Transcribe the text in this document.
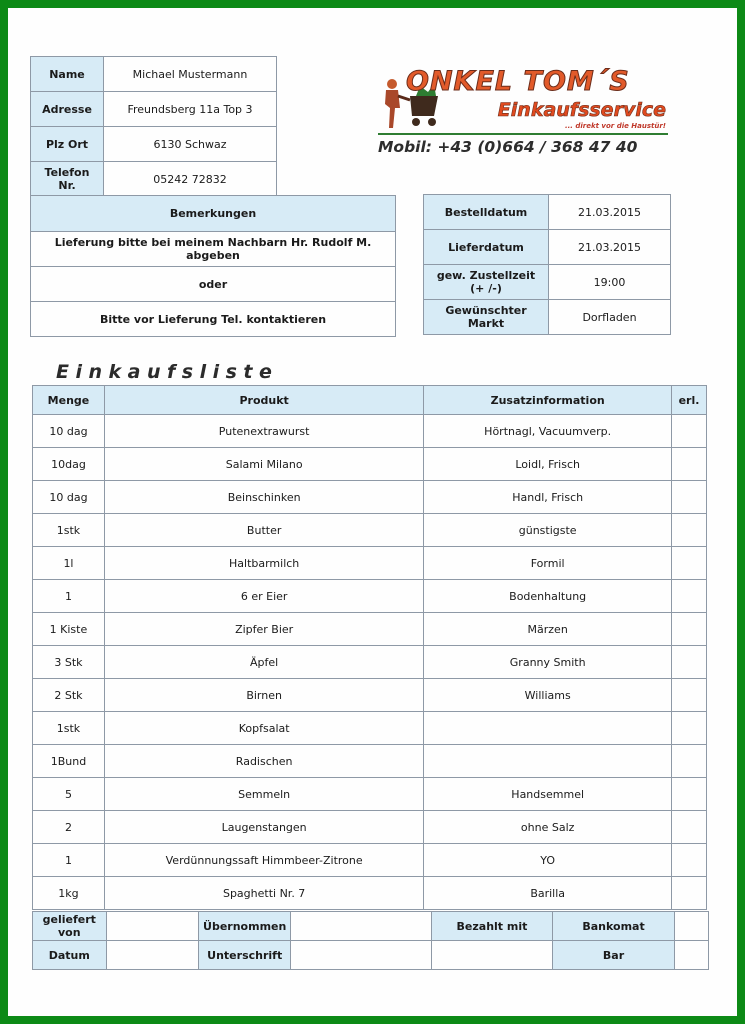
Name	Michael Mustermann
Adresse	Freundsberg 11a Top 3
Plz Ort	6130 Schwaz
Telefon Nr.	05242 72832
ONKEL TOM´S
Einkaufsservice
... direkt vor die Haustür!
Mobil: +43 (0)664 / 368 47 40
Bemerkungen
Lieferung bitte bei meinem Nachbarn Hr. Rudolf M. abgeben
oder
Bitte vor Lieferung Tel. kontaktieren
Bestelldatum	21.03.2015
Lieferdatum	21.03.2015
gew. Zustellzeit (+ /-)	19:00
Gewünschter Markt	Dorfladen
Einkaufsliste
Menge	Produkt	Zusatzinformation	erl.
10 dag	Putenextrawurst	Hörtnagl, Vacuumverp.	
10dag	Salami Milano	Loidl, Frisch	
10 dag	Beinschinken	Handl, Frisch	
1stk	Butter	günstigste	
1l	Haltbarmilch	Formil	
1	6 er Eier	Bodenhaltung	
1 Kiste	Zipfer Bier	Märzen	
3 Stk	Äpfel	Granny Smith	
2 Stk	Birnen	Williams	
1stk	Kopfsalat		
1Bund	Radischen		
5	Semmeln	Handsemmel	
2	Laugenstangen	ohne Salz	
1	Verdünnungssaft Himmbeer-Zitrone	YO	
1kg	Spaghetti Nr. 7	Barilla	
geliefert von		Übernommen		Bezahlt mit	Bankomat	
Datum		Unterschrift			Bar	
